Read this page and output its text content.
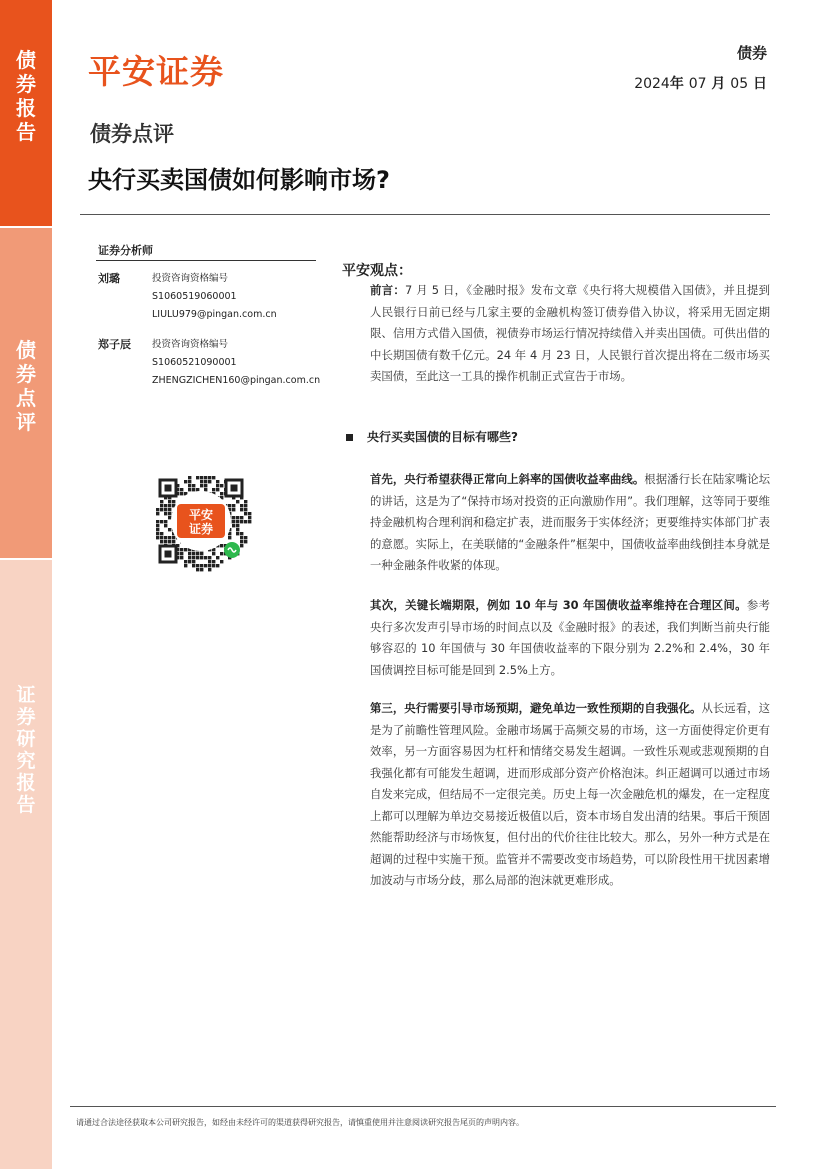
债
券
报
告
债
券
点
评
证
券
研
究
报
告
平安证券	债券
2024年 07 月 05 日
债券点评
央行买卖国债如何影响市场?
证券分析师
刘璐	投资咨询资格编号
S1060519060001
LIULU979@pingan.com.cn
郑子辰	投资咨询资格编号
S1060521090001
ZHENGZICHEN160@pingan.com.cn
平安
证券
平安观点：
前言：7 月 5 日，《金融时报》发布文章《央行将大规模借入国债》，并且提到人民银行日前已经与几家主要的金融机构签订债券借入协议，将采用无固定期限、信用方式借入国债，视债券市场运行情况持续借入并卖出国债。可供出借的中长期国债有数千亿元。24 年 4 月 23 日，人民银行首次提出将在二级市场买卖国债，至此这一工具的操作机制正式宣告于市场。
央行买卖国债的目标有哪些?
首先，央行希望获得正常向上斜率的国债收益率曲线。根据潘行长在陆家嘴论坛的讲话，这是为了“保持市场对投资的正向激励作用”。我们理解，这等同于要维持金融机构合理利润和稳定扩表，进而服务于实体经济；更要维持实体部门扩表的意愿。实际上，在美联储的“金融条件”框架中，国债收益率曲线倒挂本身就是一种金融条件收紧的体现。
其次，关键长端期限，例如 10 年与 30 年国债收益率维持在合理区间。参考央行多次发声引导市场的时间点以及《金融时报》的表述，我们判断当前央行能够容忍的 10 年国债与 30 年国债收益率的下限分别为 2.2%和 2.4%，30 年国债调控目标可能是回到 2.5%上方。
第三，央行需要引导市场预期，避免单边一致性预期的自我强化。从长远看，这是为了前瞻性管理风险。金融市场属于高频交易的市场，这一方面使得定价更有效率，另一方面容易因为杠杆和情绪交易发生超调。一致性乐观或悲观预期的自我强化都有可能发生超调，进而形成部分资产价格泡沫。纠正超调可以通过市场自发来完成，但结局不一定很完美。历史上每一次金融危机的爆发，在一定程度上都可以理解为单边交易接近极值以后，资本市场自发出清的结果。事后干预固然能帮助经济与市场恢复，但付出的代价往往比较大。那么，另外一种方式是在超调的过程中实施干预。监管并不需要改变市场趋势，可以阶段性用干扰因素增加波动与市场分歧，那么局部的泡沫就更难形成。
请通过合法途径获取本公司研究报告，如经由未经许可的渠道获得研究报告，请慎重使用并注意阅读研究报告尾页的声明内容。
